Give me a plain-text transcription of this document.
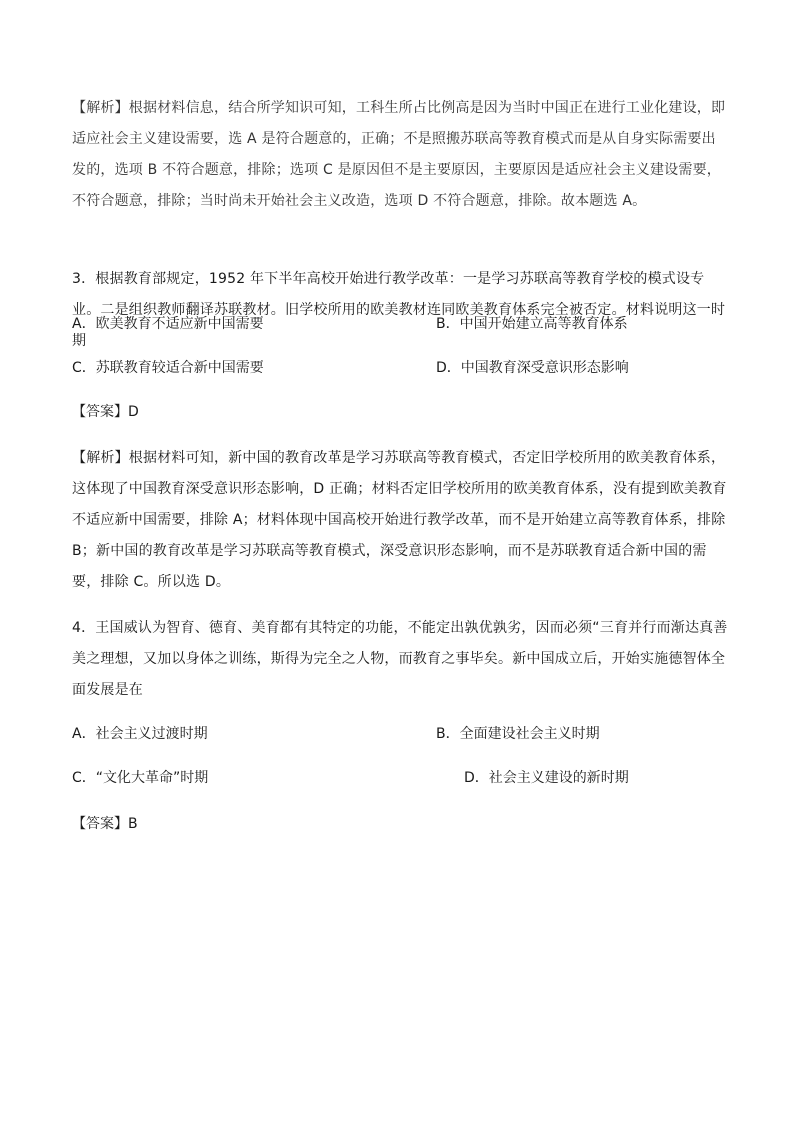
【解析】根据材料信息，结合所学知识可知，工科生所占比例高是因为当时中国正在进行工业化建设，即适应社会主义建设需要，选 A 是符合题意的，正确；不是照搬苏联高等教育模式而是从自身实际需要出发的，选项 B 不符合题意，排除；选项 C 是原因但不是主要原因，主要原因是适应社会主义建设需要，不符合题意，排除；当时尚未开始社会主义改造，选项 D 不符合题意，排除。故本题选 A。

3．根据教育部规定，1952 年下半年高校开始进行教学改革：一是学习苏联高等教育学校的模式设专业。二是组织教师翻译苏联教材。旧学校所用的欧美教材连同欧美教育体系完全被否定。材料说明这一时期

A．欧美教育不适应新中国需要	B．中国开始建立高等教育体系
C．苏联教育较适合新中国需要	D．中国教育深受意识形态影响
【答案】D

【解析】根据材料可知，新中国的教育改革是学习苏联高等教育模式，否定旧学校所用的欧美教育体系，这体现了中国教育深受意识形态影响，D 正确；材料否定旧学校所用的欧美教育体系，没有提到欧美教育不适应新中国需要，排除 A；材料体现中国高校开始进行教学改革，而不是开始建立高等教育体系，排除 B；新中国的教育改革是学习苏联高等教育模式，深受意识形态影响，而不是苏联教育适合新中国的需要，排除 C。所以选 D。

4．王国威认为智育、德育、美育都有其特定的功能，不能定出孰优孰劣，因而必须“三育并行而渐达真善美之理想，又加以身体之训练，斯得为完全之人物，而教育之事毕矣。新中国成立后，开始实施德智体全面发展是在

A．社会主义过渡时期	B．全面建设社会主义时期
C．“文化大革命”时期	D．社会主义建设的新时期
【答案】B
